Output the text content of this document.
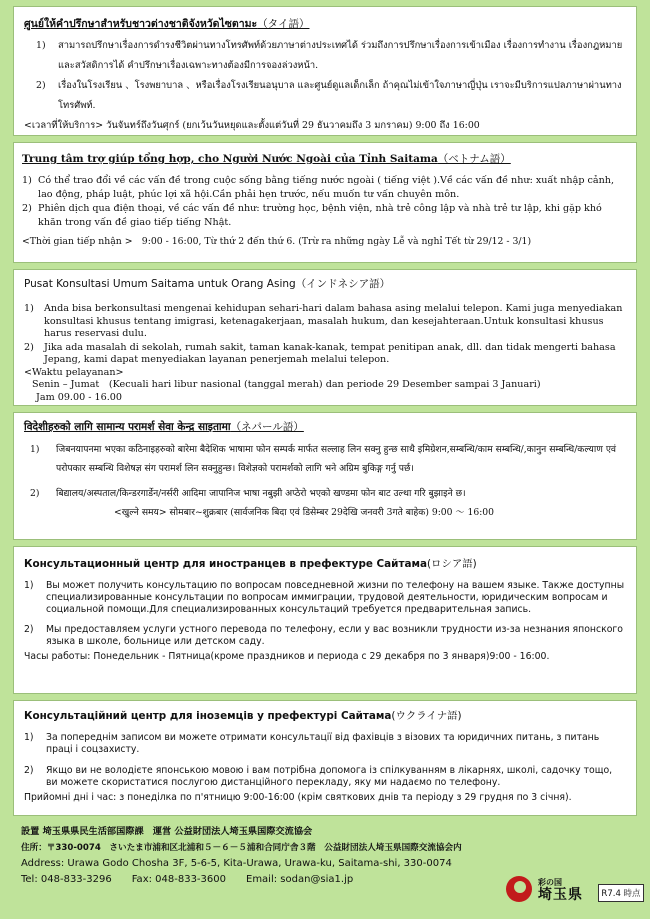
ศูนย์ให้คำปรึกษาสำหรับชาวต่างชาติจังหวัดไซตามะ（タイ語）
1)	สามารถปรึกษาเรื่องการดำรงชีวิตผ่านทางโทรศัพท์ด้วยภาษาต่างประเทศได้ ร่วมถึงการปรึกษาเรื่องการเข้าเมือง เรื่องการทำงาน เรื่องกฎหมาย และสวัสดิการได้ คำปรึกษาเรื่องเฉพาะทางต้องมีการจองล่วงหน้า.
2)	เรื่องในโรงเรียน 、โรงพยาบาล 、หรือเรื่องโรงเรียนอนุบาล และศูนย์ดูแลเด็กเล็ก ถ้าคุณไม่เข้าใจภาษาญี่ปุ่น เราจะมีบริการแปลภาษาผ่านทางโทรศัพท์.
<เวลาที่ให้บริการ> วันจันทร์ถึงวันศุกร์ (ยกเว้นวันหยุดและตั้งแต่วันที่ 29 ธันวาคมถึง 3 มกราคม) 9:00 ถึง 16:00
Trung tâm trợ giúp tổng hợp, cho Người Nước Ngoài của Tỉnh Saitama（ベトナム語）
1) Có thể trao đổi về các vấn đề trong cuộc sống bằng tiếng nước ngoài ( tiếng việt ).Về các vấn đề như: xuất nhập cảnh, lao động, pháp luật, phúc lợi xã hội.Cần phải hẹn trước, nếu muốn tư vấn chuyên môn.
2) Phiên dịch qua điện thoại, về các vấn đề như: trường học, bệnh viện, nhà trẻ công lập và nhà trẻ tư lập, khi gặp khó khăn trong vấn đề giao tiếp tiếng Nhật.
<Thời gian tiếp nhận >　9:00 - 16:00, Từ thứ 2 đến thứ 6. (Trừ ra những ngày Lễ và nghỉ Tết từ 29/12 - 3/1)
Pusat Konsultasi Umum Saitama untuk Orang Asing（インドネシア語）
1)	Anda bisa berkonsultasi mengenai kehidupan sehari-hari dalam bahasa asing melalui telepon. Kami juga menyediakan konsultasi khusus tentang imigrasi, ketenagakerjaan, masalah hukum, dan kesejahteraan.Untuk konsultasi khusus harus reservasi dulu.
2)	Jika ada masalah di sekolah, rumah sakit, taman kanak-kanak, tempat penitipan anak, dll. dan tidak mengerti bahasa Jepang, kami dapat menyediakan layanan penerjemah melalui telepon.
<Waktu pelayanan>
Senin – Jumat　(Kecuali hari libur nasional (tanggal merah) dan periode 29 Desember sampai 3 Januari)
Jam 09.00 - 16.00
विदेशीहरुको लागि सामान्य परामर्श सेवा केन्द्र साइतामा（ネパール語）
1)	जिबनयापनमा भएका कठिनाइहरुको बारेमा बैदेशिक भाषामा फोन सम्पर्क मार्फत सल्लाह लिन सक्नु हुन्छ साथै इमिग्रेशन,सम्बन्धि/काम सम्बन्धि/,कानुन सम्बन्धि/कल्याण एवं परोपकार सम्बन्धि विशेषज्ञ संग परामर्श लिन सक्नुहुन्छ। विशेज्ञको परामर्शको लागि भने अग्रिम बुकिङ्ग गर्नु पर्छ।
2)	बिद्यालय/अस्पताल/किन्डरगार्डेन/नर्सरी आदिमा जापानिज भाषा नबुझी अप्ठेरो भएको खण्डमा फोन बाट उल्था गरि बुझाइने छ।
<खुल्ने समय> सोमबार~शुक्रबार (सार्वजनिक बिदा एवं डिसेम्बर 29देखि जनवरी 3गते बाहेक) 9:00 ～ 16:00
Консультационный центр для иностранцев в префектуре Сайтама(ロシア語)
1)	Вы может получить консультацию по вопросам повседневной жизни по телефону на вашем языке. Также доступны специализированные консультации по вопросам иммиграции, трудовой деятельности, юридическим вопросам и социальной помощи.Для специализированных консультаций требуется предварительная запись.
2)	Мы предоставляем услуги устного перевода по телефону, если у вас возникли трудности из-за незнания японского языка в школе, больнице или детском саду.
Часы работы: Понедельник - Пятница(кроме праздников и периода с 29 декабря по 3 января)9:00 - 16:00.
Консультаційний центр для іноземців у префектурі Сайтама(ウクライナ語)
1)	За попереднім записом ви можете отримати консультації від фахівців з візових та юридичних питань, з питань праці і соцзахисту.
2)	Якщо ви не володієте японською мовою і вам потрібна допомога із спілкуванням в лікарнях, школі, садочку тощо, ви можете скористатися послугою дистанційного перекладу, яку ми надаємо по телефону.
Прийомні дні і час: з понеділка по п'ятницю 9:00-16:00 (крім святкових днів та періоду з 29 грудня по 3 січня).
設置 埼玉県県民生活部国際課　運営 公益財団法人埼玉県国際交流協会
住所：〒330-0074　さいたま市浦和区北浦和５－６－５浦和合同庁舎３階　公益財団法人埼玉県国際交流協会内
Address: Urawa Godo Chosha 3F, 5-6-5, Kita-Urawa, Urawa-ku, Saitama-shi, 330-0074
Tel: 048-833-3296　　Fax: 048-833-3600　　Email: sodan@sia1.jp	彩の国
埼玉県	R7.4 時点
